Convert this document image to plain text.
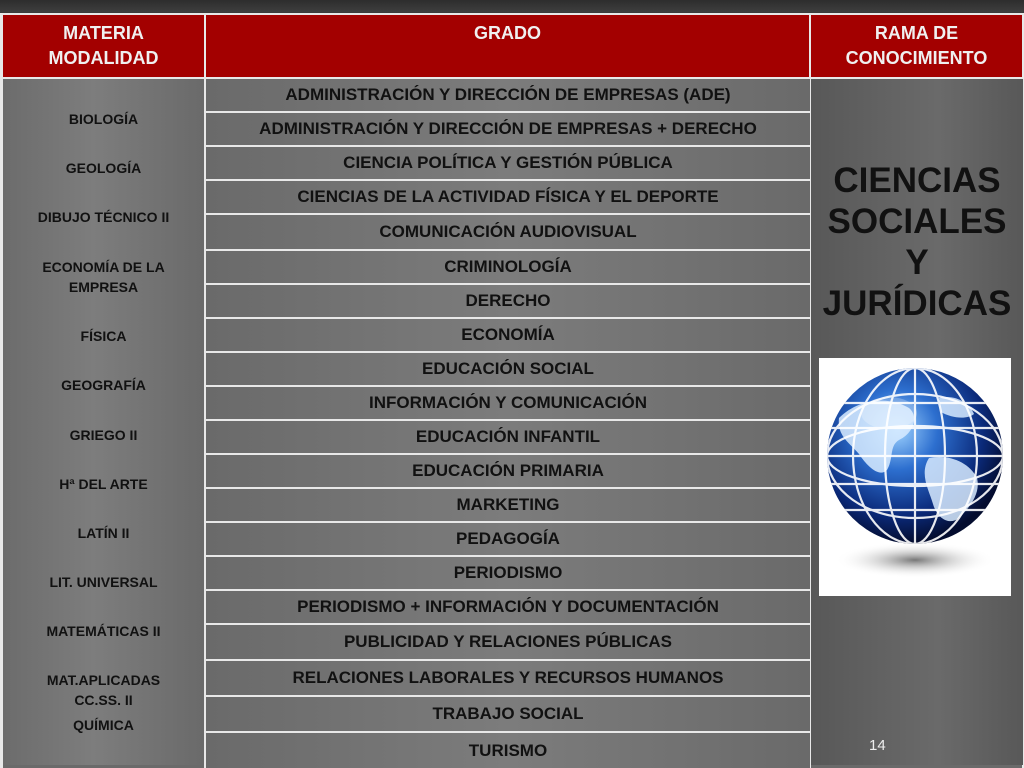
MATERIA
MODALIDAD
GRADO	RAMA DE
CONOCIMIENTO
BIOLOGÍA
GEOLOGÍA
DIBUJO TÉCNICO II
ECONOMÍA DE LA
EMPRESA
FÍSICA
GEOGRAFÍA
GRIEGO II
Hª DEL ARTE
LATÍN II
LIT. UNIVERSAL
MATEMÁTICAS II
MAT.APLICADAS
CC.SS. II
QUÍMICA
ADMINISTRACIÓN Y DIRECCIÓN DE EMPRESAS (ADE)
ADMINISTRACIÓN Y DIRECCIÓN DE EMPRESAS + DERECHO
CIENCIA POLÍTICA Y GESTIÓN PÚBLICA
CIENCIAS DE LA ACTIVIDAD FÍSICA Y EL DEPORTE
COMUNICACIÓN AUDIOVISUAL
CRIMINOLOGÍA
DERECHO
ECONOMÍA
EDUCACIÓN SOCIAL
INFORMACIÓN Y COMUNICACIÓN
EDUCACIÓN INFANTIL
EDUCACIÓN PRIMARIA
MARKETING
PEDAGOGÍA
PERIODISMO
PERIODISMO + INFORMACIÓN Y DOCUMENTACIÓN
PUBLICIDAD Y RELACIONES PÚBLICAS
RELACIONES LABORALES Y RECURSOS HUMANOS
TRABAJO SOCIAL
TURISMO
CIENCIAS
SOCIALES
Y
JURÍDICAS
14
